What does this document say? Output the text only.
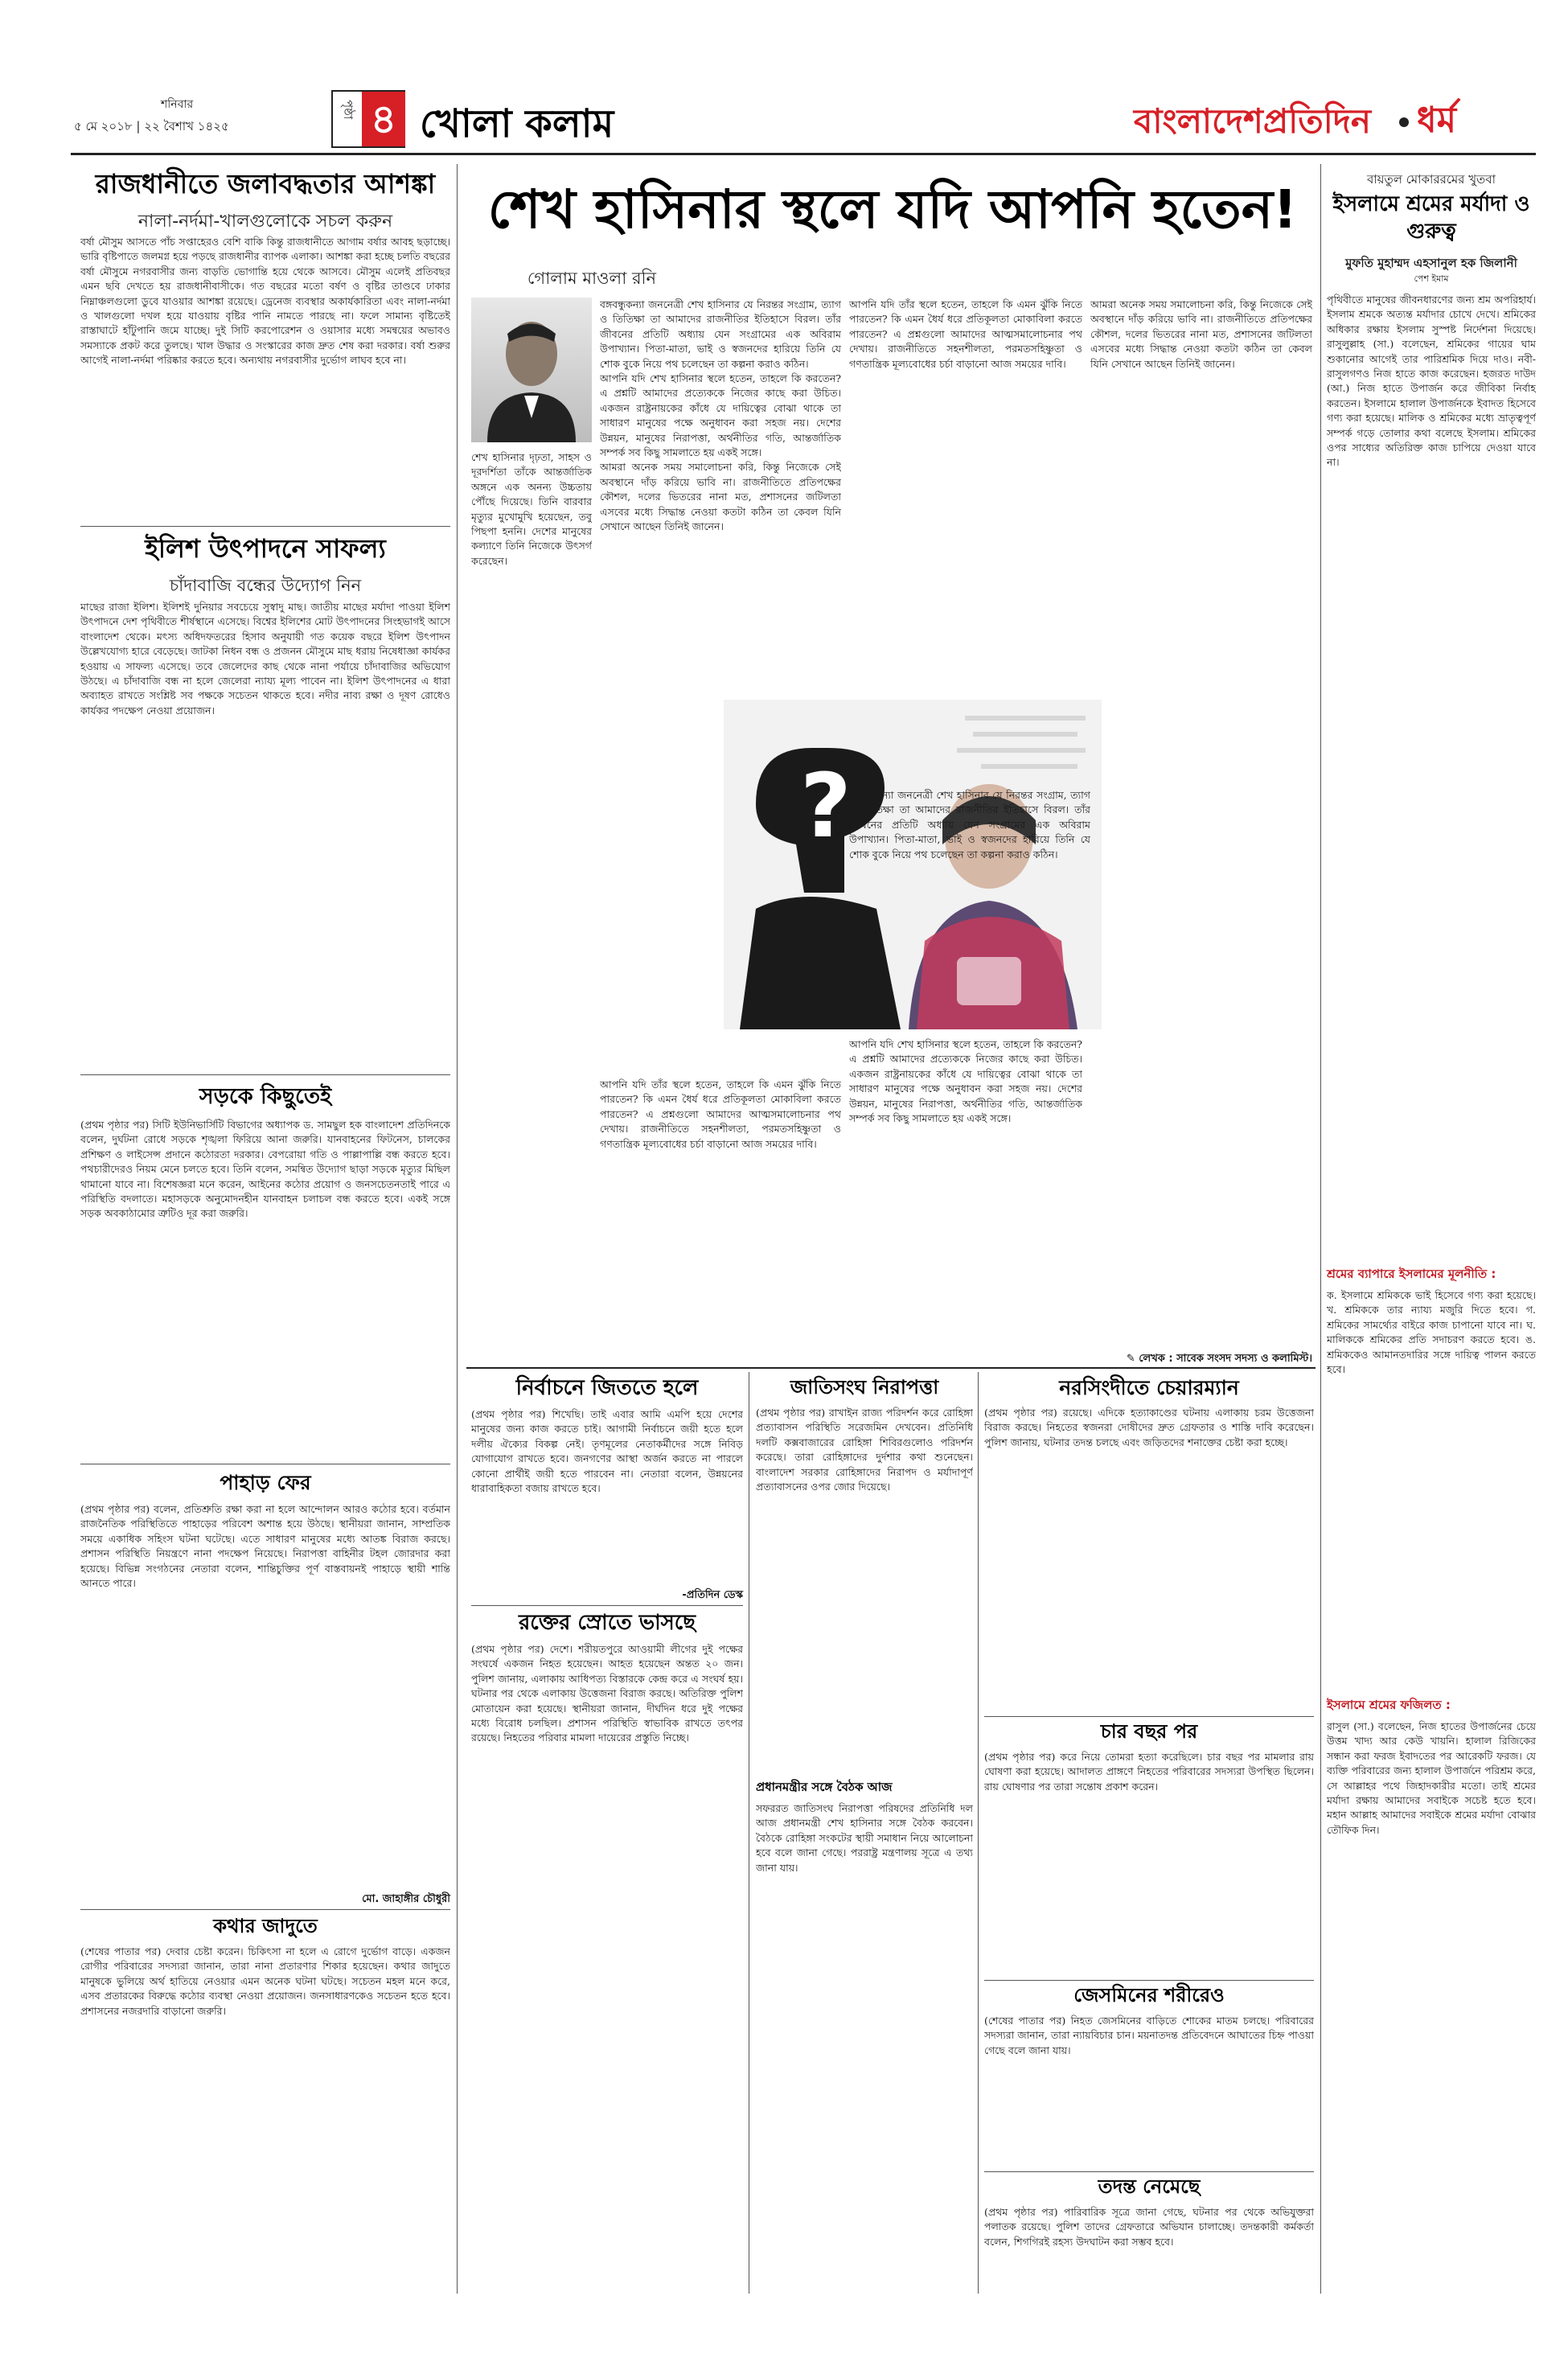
শনিবার
৫ মে ২০১৮ | ২২ বৈশাখ ১৪২৫
পৃষ্ঠা ৪ খোলা কলাম	বাংলাদেশপ্রতিদিন ধর্ম
রাজধানীতে জলাবদ্ধতার আশঙ্কা
নালা-নর্দমা-খালগুলোকে সচল করুন
বর্ষা মৌসুম আসতে পাঁচ সপ্তাহেরও বেশি বাকি কিন্তু রাজধানীতে আগাম বর্ষার আবহ ছড়াচ্ছে। ভারি বৃষ্টিপাতে জলমগ্ন হয়ে পড়ছে রাজধানীর ব্যাপক এলাকা। আশঙ্কা করা হচ্ছে চলতি বছরের বর্ষা মৌসুমে নগরবাসীর জন্য বাড়তি ভোগান্তি হয়ে থেকে আসবে। মৌসুম এলেই প্রতিবছর এমন ছবি দেখতে হয় রাজধানীবাসীকে। গত বছরের মতো বর্ষণ ও বৃষ্টির তাণ্ডবে ঢাকার নিম্নাঞ্চলগুলো ডুবে যাওয়ার আশঙ্কা রয়েছে। ড্রেনেজ ব্যবস্থার অকার্যকারিতা এবং নালা-নর্দমা ও খালগুলো দখল হয়ে যাওয়ায় বৃষ্টির পানি নামতে পারছে না। ফলে সামান্য বৃষ্টিতেই রাস্তাঘাটে হাঁটুপানি জমে যাচ্ছে। দুই সিটি করপোরেশন ও ওয়াসার মধ্যে সমন্বয়ের অভাবও সমস্যাকে প্রকট করে তুলছে। খাল উদ্ধার ও সংস্কারের কাজ দ্রুত শেষ করা দরকার। বর্ষা শুরুর আগেই নালা-নর্দমা পরিষ্কার করতে হবে। অন্যথায় নগরবাসীর দুর্ভোগ লাঘব হবে না।
ইলিশ উৎপাদনে সাফল্য
চাঁদাবাজি বন্ধের উদ্যোগ নিন
মাছের রাজা ইলিশ। ইলিশই দুনিয়ার সবচেয়ে সুস্বাদু মাছ। জাতীয় মাছের মর্যাদা পাওয়া ইলিশ উৎপাদনে দেশ পৃথিবীতে শীর্ষস্থানে এসেছে। বিশ্বের ইলিশের মোট উৎপাদনের সিংহভাগই আসে বাংলাদেশ থেকে। মৎস্য অধিদফতরের হিসাব অনুযায়ী গত কয়েক বছরে ইলিশ উৎপাদন উল্লেখযোগ্য হারে বেড়েছে। জাটকা নিধন বন্ধ ও প্রজনন মৌসুমে মাছ ধরায় নিষেধাজ্ঞা কার্যকর হওয়ায় এ সাফল্য এসেছে। তবে জেলেদের কাছ থেকে নানা পর্যায়ে চাঁদাবাজির অভিযোগ উঠছে। এ চাঁদাবাজি বন্ধ না হলে জেলেরা ন্যায্য মূল্য পাবেন না। ইলিশ উৎপাদনের এ ধারা অব্যাহত রাখতে সংশ্লিষ্ট সব পক্ষকে সচেতন থাকতে হবে। নদীর নাব্য রক্ষা ও দূষণ রোধেও কার্যকর পদক্ষেপ নেওয়া প্রয়োজন।
সড়কে কিছুতেই
(প্রথম পৃষ্ঠার পর) সিটি ইউনিভার্সিটি বিভাগের অধ্যাপক ড. সামছুল হক বাংলাদেশ প্রতিদিনকে বলেন, দুর্ঘটনা রোধে সড়কে শৃঙ্খলা ফিরিয়ে আনা জরুরি। যানবাহনের ফিটনেস, চালকের প্রশিক্ষণ ও লাইসেন্স প্রদানে কঠোরতা দরকার। বেপরোয়া গতি ও পাল্লাপাল্লি বন্ধ করতে হবে। পথচারীদেরও নিয়ম মেনে চলতে হবে। তিনি বলেন, সমন্বিত উদ্যোগ ছাড়া সড়কে মৃত্যুর মিছিল থামানো যাবে না। বিশেষজ্ঞরা মনে করেন, আইনের কঠোর প্রয়োগ ও জনসচেতনতাই পারে এ পরিস্থিতি বদলাতে। মহাসড়কে অনুমোদনহীন যানবাহন চলাচল বন্ধ করতে হবে। একই সঙ্গে সড়ক অবকাঠামোর ত্রুটিও দূর করা জরুরি।
পাহাড় ফের
(প্রথম পৃষ্ঠার পর) বলেন, প্রতিশ্রুতি রক্ষা করা না হলে আন্দোলন আরও কঠোর হবে। বর্তমান রাজনৈতিক পরিস্থিতিতে পাহাড়ের পরিবেশ অশান্ত হয়ে উঠছে। স্থানীয়রা জানান, সাম্প্রতিক সময়ে একাধিক সহিংস ঘটনা ঘটেছে। এতে সাধারণ মানুষের মধ্যে আতঙ্ক বিরাজ করছে। প্রশাসন পরিস্থিতি নিয়ন্ত্রণে নানা পদক্ষেপ নিয়েছে। নিরাপত্তা বাহিনীর টহল জোরদার করা হয়েছে। বিভিন্ন সংগঠনের নেতারা বলেন, শান্তিচুক্তির পূর্ণ বাস্তবায়নই পাহাড়ে স্থায়ী শান্তি আনতে পারে।
মো. জাহাঙ্গীর চৌধুরী
কথার জাদুতে
(শেষের পাতার পর) দেবার চেষ্টা করেন। চিকিৎসা না হলে এ রোগে দুর্ভোগ বাড়ে। একজন রোগীর পরিবারের সদস্যরা জানান, তারা নানা প্রতারণার শিকার হয়েছেন। কথার জাদুতে মানুষকে ভুলিয়ে অর্থ হাতিয়ে নেওয়ার এমন অনেক ঘটনা ঘটছে। সচেতন মহল মনে করে, এসব প্রতারকের বিরুদ্ধে কঠোর ব্যবস্থা নেওয়া প্রয়োজন। জনসাধারণকেও সচেতন হতে হবে। প্রশাসনের নজরদারি বাড়ানো জরুরি।
শেখ হাসিনার স্থলে যদি আপনি হতেন!
গোলাম মাওলা রনি

বঙ্গবন্ধুকন্যা জননেত্রী শেখ হাসিনার যে নিরন্তর সংগ্রাম, ত্যাগ ও তিতিক্ষা তা আমাদের রাজনীতির ইতিহাসে বিরল। তাঁর জীবনের প্রতিটি অধ্যায় যেন সংগ্রামের এক অবিরাম উপাখ্যান। পিতা-মাতা, ভাই ও স্বজনদের হারিয়ে তিনি যে শোক বুকে নিয়ে পথ চলেছেন তা কল্পনা করাও কঠিন।

আপনি যদি শেখ হাসিনার স্থলে হতেন, তাহলে কি করতেন? এ প্রশ্নটি আমাদের প্রত্যেককে নিজের কাছে করা উচিত। একজন রাষ্ট্রনায়কের কাঁধে যে দায়িত্বের বোঝা থাকে তা সাধারণ মানুষের পক্ষে অনুধাবন করা সহজ নয়। দেশের উন্নয়ন, মানুষের নিরাপত্তা, অর্থনীতির গতি, আন্তর্জাতিক সম্পর্ক সব কিছু সামলাতে হয় একই সঙ্গে।

আমরা অনেক সময় সমালোচনা করি, কিন্তু নিজেকে সেই অবস্থানে দাঁড় করিয়ে ভাবি না। রাজনীতিতে প্রতিপক্ষের কৌশল, দলের ভিতরের নানা মত, প্রশাসনের জটিলতা এসবের মধ্যে সিদ্ধান্ত নেওয়া কতটা কঠিন তা কেবল যিনি সেখানে আছেন তিনিই জানেন।

শেখ হাসিনার দৃঢ়তা, সাহস ও দূরদর্শিতা তাঁকে আন্তর্জাতিক অঙ্গনে এক অনন্য উচ্চতায় পৌঁছে দিয়েছে। তিনি বারবার মৃত্যুর মুখোমুখি হয়েছেন, তবু পিছপা হননি। দেশের মানুষের কল্যাণে তিনি নিজেকে উৎসর্গ করেছেন।

আপনি যদি তাঁর স্থলে হতেন, তাহলে কি এমন ঝুঁকি নিতে পারতেন? কি এমন ধৈর্য ধরে প্রতিকূলতা মোকাবিলা করতে পারতেন? এ প্রশ্নগুলো আমাদের আত্মসমালোচনার পথ দেখায়। রাজনীতিতে সহনশীলতা, পরমতসহিষ্ণুতা ও গণতান্ত্রিক মূল্যবোধের চর্চা বাড়ানো আজ সময়ের দাবি।

আমরা অনেক সময় সমালোচনা করি, কিন্তু নিজেকে সেই অবস্থানে দাঁড় করিয়ে ভাবি না। রাজনীতিতে প্রতিপক্ষের কৌশল, দলের ভিতরের নানা মত, প্রশাসনের জটিলতা এসবের মধ্যে সিদ্ধান্ত নেওয়া কতটা কঠিন তা কেবল যিনি সেখানে আছেন তিনিই জানেন।

?

বঙ্গবন্ধুকন্যা জননেত্রী শেখ হাসিনার যে নিরন্তর সংগ্রাম, ত্যাগ ও তিতিক্ষা তা আমাদের রাজনীতির ইতিহাসে বিরল। তাঁর জীবনের প্রতিটি অধ্যায় যেন সংগ্রামের এক অবিরাম উপাখ্যান। পিতা-মাতা, ভাই ও স্বজনদের হারিয়ে তিনি যে শোক বুকে নিয়ে পথ চলেছেন তা কল্পনা করাও কঠিন।

আপনি যদি তাঁর স্থলে হতেন, তাহলে কি এমন ঝুঁকি নিতে পারতেন? কি এমন ধৈর্য ধরে প্রতিকূলতা মোকাবিলা করতে পারতেন? এ প্রশ্নগুলো আমাদের আত্মসমালোচনার পথ দেখায়। রাজনীতিতে সহনশীলতা, পরমতসহিষ্ণুতা ও গণতান্ত্রিক মূল্যবোধের চর্চা বাড়ানো আজ সময়ের দাবি।

আপনি যদি শেখ হাসিনার স্থলে হতেন, তাহলে কি করতেন? এ প্রশ্নটি আমাদের প্রত্যেককে নিজের কাছে করা উচিত। একজন রাষ্ট্রনায়কের কাঁধে যে দায়িত্বের বোঝা থাকে তা সাধারণ মানুষের পক্ষে অনুধাবন করা সহজ নয়। দেশের উন্নয়ন, মানুষের নিরাপত্তা, অর্থনীতির গতি, আন্তর্জাতিক সম্পর্ক সব কিছু সামলাতে হয় একই সঙ্গে।

✎ লেখক : সাবেক সংসদ সদস্য ও কলামিস্ট।
নির্বাচনে জিততে হলে
(প্রথম পৃষ্ঠার পর) শিখেছি। তাই এবার আমি এমপি হয়ে দেশের মানুষের জন্য কাজ করতে চাই। আগামী নির্বাচনে জয়ী হতে হলে দলীয় ঐক্যের বিকল্প নেই। তৃণমূলের নেতাকর্মীদের সঙ্গে নিবিড় যোগাযোগ রাখতে হবে। জনগণের আস্থা অর্জন করতে না পারলে কোনো প্রার্থীই জয়ী হতে পারবেন না। নেতারা বলেন, উন্নয়নের ধারাবাহিকতা বজায় রাখতে হবে।
-প্রতিদিন ডেস্ক
রক্তের স্রোতে ভাসছে
(প্রথম পৃষ্ঠার পর) দেশে। শরীয়তপুরে আওয়ামী লীগের দুই পক্ষের সংঘর্ষে একজন নিহত হয়েছেন। আহত হয়েছেন অন্তত ২০ জন। পুলিশ জানায়, এলাকায় আধিপত্য বিস্তারকে কেন্দ্র করে এ সংঘর্ষ হয়। ঘটনার পর থেকে এলাকায় উত্তেজনা বিরাজ করছে। অতিরিক্ত পুলিশ মোতায়েন করা হয়েছে। স্থানীয়রা জানান, দীর্ঘদিন ধরে দুই পক্ষের মধ্যে বিরোধ চলছিল। প্রশাসন পরিস্থিতি স্বাভাবিক রাখতে তৎপর রয়েছে। নিহতের পরিবার মামলা দায়েরের প্রস্তুতি নিচ্ছে।
জাতিসংঘ নিরাপত্তা
(প্রথম পৃষ্ঠার পর) রাখাইন রাজ্য পরিদর্শন করে রোহিঙ্গা প্রত্যাবাসন পরিস্থিতি সরেজমিন দেখবেন। প্রতিনিধি দলটি কক্সবাজারের রোহিঙ্গা শিবিরগুলোও পরিদর্শন করেছে। তারা রোহিঙ্গাদের দুর্দশার কথা শুনেছেন। বাংলাদেশ সরকার রোহিঙ্গাদের নিরাপদ ও মর্যাদাপূর্ণ প্রত্যাবাসনের ওপর জোর দিয়েছে।
প্রধানমন্ত্রীর সঙ্গে বৈঠক আজ
সফররত জাতিসংঘ নিরাপত্তা পরিষদের প্রতিনিধি দল আজ প্রধানমন্ত্রী শেখ হাসিনার সঙ্গে বৈঠক করবেন। বৈঠকে রোহিঙ্গা সংকটের স্থায়ী সমাধান নিয়ে আলোচনা হবে বলে জানা গেছে। পররাষ্ট্র মন্ত্রণালয় সূত্রে এ তথ্য জানা যায়।
নরসিংদীতে চেয়ারম্যান
(প্রথম পৃষ্ঠার পর) রয়েছে। এদিকে হত্যাকাণ্ডের ঘটনায় এলাকায় চরম উত্তেজনা বিরাজ করছে। নিহতের স্বজনরা দোষীদের দ্রুত গ্রেফতার ও শাস্তি দাবি করেছেন। পুলিশ জানায়, ঘটনার তদন্ত চলছে এবং জড়িতদের শনাক্তের চেষ্টা করা হচ্ছে।
চার বছর পর
(প্রথম পৃষ্ঠার পর) করে নিয়ে তোমরা হত্যা করেছিলে। চার বছর পর মামলার রায় ঘোষণা করা হয়েছে। আদালত প্রাঙ্গণে নিহতের পরিবারের সদস্যরা উপস্থিত ছিলেন। রায় ঘোষণার পর তারা সন্তোষ প্রকাশ করেন।
জেসমিনের শরীরেও
(শেষের পাতার পর) নিহত জেসমিনের বাড়িতে শোকের মাতম চলছে। পরিবারের সদস্যরা জানান, তারা ন্যায়বিচার চান। ময়নাতদন্ত প্রতিবেদনে আঘাতের চিহ্ন পাওয়া গেছে বলে জানা যায়।
তদন্ত নেমেছে
(প্রথম পৃষ্ঠার পর) পারিবারিক সূত্রে জানা গেছে, ঘটনার পর থেকে অভিযুক্তরা পলাতক রয়েছে। পুলিশ তাদের গ্রেফতারে অভিযান চালাচ্ছে। তদন্তকারী কর্মকর্তা বলেন, শিগগিরই রহস্য উদঘাটন করা সম্ভব হবে।
বায়তুল মোকাররমের খুতবা
ইসলামে শ্রমের মর্যাদা ও গুরুত্ব
মুফতি মুহাম্মদ এহসানুল হক জিলানী
পেশ ইমাম
পৃথিবীতে মানুষের জীবনধারণের জন্য শ্রম অপরিহার্য। ইসলাম শ্রমকে অত্যন্ত মর্যাদার চোখে দেখে। শ্রমিকের অধিকার রক্ষায় ইসলাম সুস্পষ্ট নির্দেশনা দিয়েছে। রাসুলুল্লাহ (সা.) বলেছেন, শ্রমিকের গায়ের ঘাম শুকানোর আগেই তার পারিশ্রমিক দিয়ে দাও। নবী-রাসুলগণও নিজ হাতে কাজ করেছেন। হজরত দাউদ (আ.) নিজ হাতে উপার্জন করে জীবিকা নির্বাহ করতেন। ইসলামে হালাল উপার্জনকে ইবাদত হিসেবে গণ্য করা হয়েছে। মালিক ও শ্রমিকের মধ্যে ভ্রাতৃত্বপূর্ণ সম্পর্ক গড়ে তোলার কথা বলেছে ইসলাম। শ্রমিকের ওপর সাধ্যের অতিরিক্ত কাজ চাপিয়ে দেওয়া যাবে না।
শ্রমের ব্যাপারে ইসলামের মূলনীতি :
ক. ইসলামে শ্রমিককে ভাই হিসেবে গণ্য করা হয়েছে। খ. শ্রমিককে তার ন্যায্য মজুরি দিতে হবে। গ. শ্রমিকের সামর্থ্যের বাইরে কাজ চাপানো যাবে না। ঘ. মালিককে শ্রমিকের প্রতি সদাচরণ করতে হবে। ঙ. শ্রমিককেও আমানতদারির সঙ্গে দায়িত্ব পালন করতে হবে।
ইসলামে শ্রমের ফজিলত :
রাসুল (সা.) বলেছেন, নিজ হাতের উপার্জনের চেয়ে উত্তম খাদ্য আর কেউ খায়নি। হালাল রিজিকের সন্ধান করা ফরজ ইবাদতের পর আরেকটি ফরজ। যে ব্যক্তি পরিবারের জন্য হালাল উপার্জনে পরিশ্রম করে, সে আল্লাহর পথে জিহাদকারীর মতো। তাই শ্রমের মর্যাদা রক্ষায় আমাদের সবাইকে সচেষ্ট হতে হবে। মহান আল্লাহ আমাদের সবাইকে শ্রমের মর্যাদা বোঝার তৌফিক দিন।
